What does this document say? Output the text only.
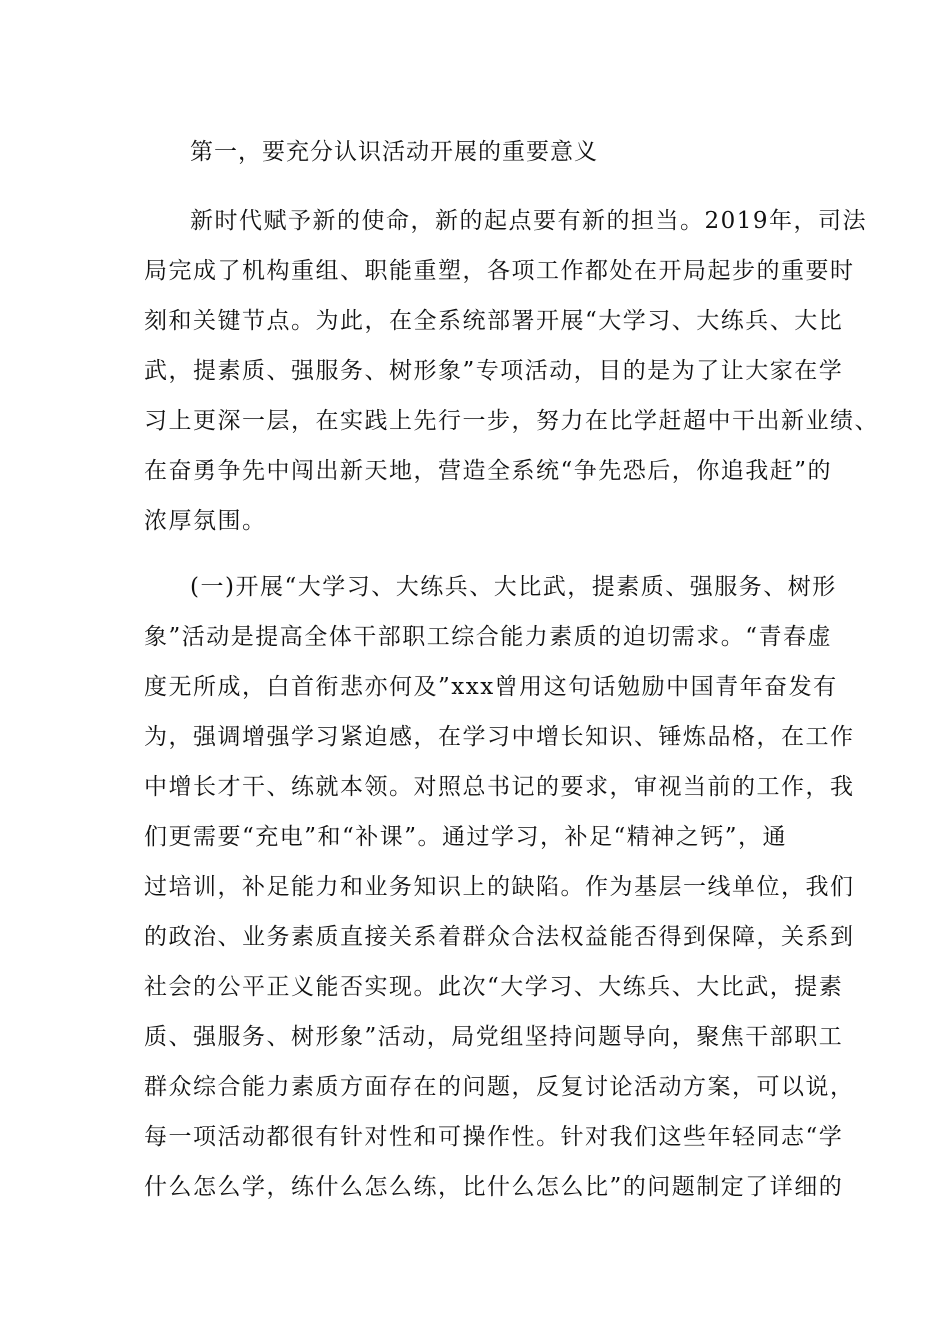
第一，要充分认识活动开展的重要意义
新时代赋予新的使命，新的起点要有新的担当。2019年，司法
局完成了机构重组、职能重塑，各项工作都处在开局起步的重要时
刻和关键节点。为此，在全系统部署开展“大学习、大练兵、大比
武，提素质、强服务、树形象”专项活动，目的是为了让大家在学
习上更深一层，在实践上先行一步，努力在比学赶超中干出新业绩、
在奋勇争先中闯出新天地，营造全系统“争先恐后，你追我赶”的
浓厚氛围。
(一)开展“大学习、大练兵、大比武，提素质、强服务、树形
象”活动是提高全体干部职工综合能力素质的迫切需求。“青春虚
度无所成，白首衔悲亦何及”xxx曾用这句话勉励中国青年奋发有
为，强调增强学习紧迫感，在学习中增长知识、锤炼品格，在工作
中增长才干、练就本领。对照总书记的要求，审视当前的工作，我
们更需要“充电”和“补课”。通过学习，补足“精神之钙”，通
过培训，补足能力和业务知识上的缺陷。作为基层一线单位，我们
的政治、业务素质直接关系着群众合法权益能否得到保障，关系到
社会的公平正义能否实现。此次“大学习、大练兵、大比武，提素
质、强服务、树形象”活动，局党组坚持问题导向，聚焦干部职工
群众综合能力素质方面存在的问题，反复讨论活动方案，可以说，
每一项活动都很有针对性和可操作性。针对我们这些年轻同志“学
什么怎么学，练什么怎么练，比什么怎么比”的问题制定了详细的
